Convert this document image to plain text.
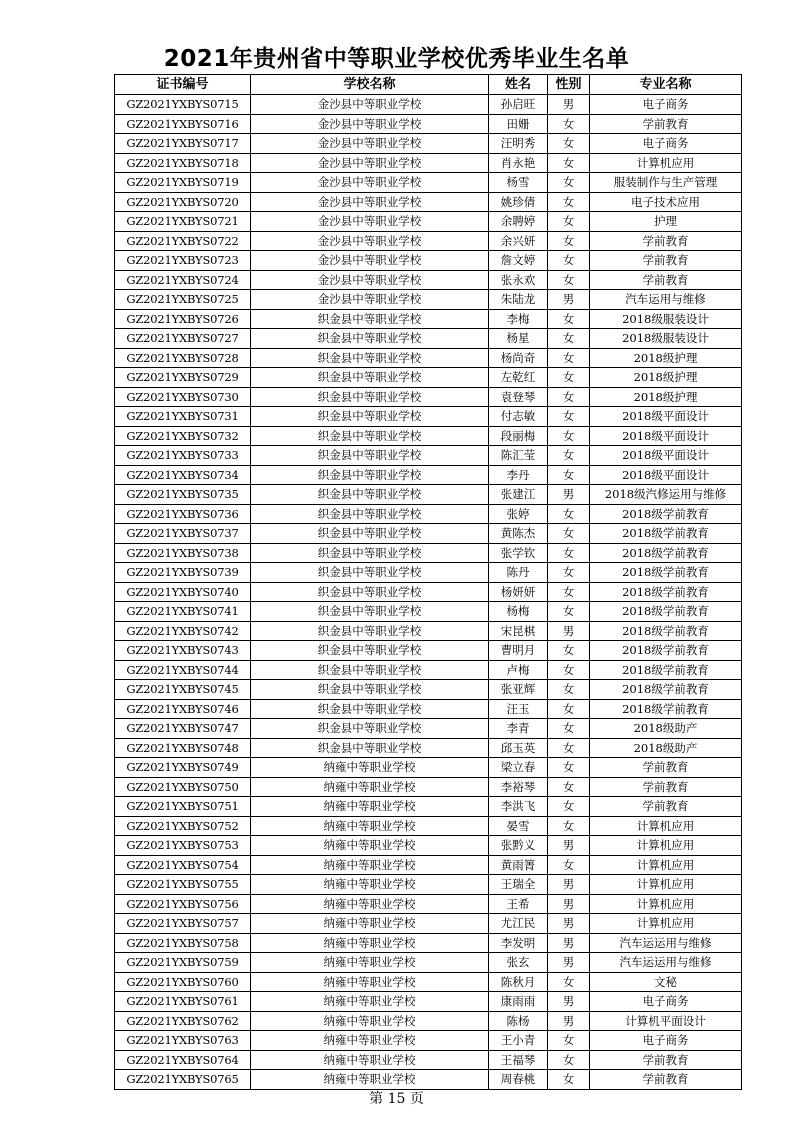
2021年贵州省中等职业学校优秀毕业生名单
证书编号	学校名称	姓名	性别	专业名称
GZ2021YXBYS0715	金沙县中等职业学校	孙启旺	男	电子商务
GZ2021YXBYS0716	金沙县中等职业学校	田姗	女	学前教育
GZ2021YXBYS0717	金沙县中等职业学校	汪明秀	女	电子商务
GZ2021YXBYS0718	金沙县中等职业学校	肖永艳	女	计算机应用
GZ2021YXBYS0719	金沙县中等职业学校	杨雪	女	服装制作与生产管理
GZ2021YXBYS0720	金沙县中等职业学校	姚珍倩	女	电子技术应用
GZ2021YXBYS0721	金沙县中等职业学校	余聘婷	女	护理
GZ2021YXBYS0722	金沙县中等职业学校	余兴妍	女	学前教育
GZ2021YXBYS0723	金沙县中等职业学校	詹文婷	女	学前教育
GZ2021YXBYS0724	金沙县中等职业学校	张永欢	女	学前教育
GZ2021YXBYS0725	金沙县中等职业学校	朱陆龙	男	汽车运用与维修
GZ2021YXBYS0726	织金县中等职业学校	李梅	女	2018级服装设计
GZ2021YXBYS0727	织金县中等职业学校	杨星	女	2018级服装设计
GZ2021YXBYS0728	织金县中等职业学校	杨尚奇	女	2018级护理
GZ2021YXBYS0729	织金县中等职业学校	左乾红	女	2018级护理
GZ2021YXBYS0730	织金县中等职业学校	袁登琴	女	2018级护理
GZ2021YXBYS0731	织金县中等职业学校	付志敏	女	2018级平面设计
GZ2021YXBYS0732	织金县中等职业学校	段丽梅	女	2018级平面设计
GZ2021YXBYS0733	织金县中等职业学校	陈汇莹	女	2018级平面设计
GZ2021YXBYS0734	织金县中等职业学校	李丹	女	2018级平面设计
GZ2021YXBYS0735	织金县中等职业学校	张建江	男	2018级汽修运用与维修
GZ2021YXBYS0736	织金县中等职业学校	张婷	女	2018级学前教育
GZ2021YXBYS0737	织金县中等职业学校	黄陈杰	女	2018级学前教育
GZ2021YXBYS0738	织金县中等职业学校	张学钦	女	2018级学前教育
GZ2021YXBYS0739	织金县中等职业学校	陈丹	女	2018级学前教育
GZ2021YXBYS0740	织金县中等职业学校	杨妍妍	女	2018级学前教育
GZ2021YXBYS0741	织金县中等职业学校	杨梅	女	2018级学前教育
GZ2021YXBYS0742	织金县中等职业学校	宋昆棋	男	2018级学前教育
GZ2021YXBYS0743	织金县中等职业学校	曹明月	女	2018级学前教育
GZ2021YXBYS0744	织金县中等职业学校	卢梅	女	2018级学前教育
GZ2021YXBYS0745	织金县中等职业学校	张亚辉	女	2018级学前教育
GZ2021YXBYS0746	织金县中等职业学校	汪玉	女	2018级学前教育
GZ2021YXBYS0747	织金县中等职业学校	李青	女	2018级助产
GZ2021YXBYS0748	织金县中等职业学校	邱玉英	女	2018级助产
GZ2021YXBYS0749	纳雍中等职业学校	梁立春	女	学前教育
GZ2021YXBYS0750	纳雍中等职业学校	李裕琴	女	学前教育
GZ2021YXBYS0751	纳雍中等职业学校	李洪飞	女	学前教育
GZ2021YXBYS0752	纳雍中等职业学校	晏雪	女	计算机应用
GZ2021YXBYS0753	纳雍中等职业学校	张黔义	男	计算机应用
GZ2021YXBYS0754	纳雍中等职业学校	黄雨箐	女	计算机应用
GZ2021YXBYS0755	纳雍中等职业学校	王瑞全	男	计算机应用
GZ2021YXBYS0756	纳雍中等职业学校	王希	男	计算机应用
GZ2021YXBYS0757	纳雍中等职业学校	尤江民	男	计算机应用
GZ2021YXBYS0758	纳雍中等职业学校	李发明	男	汽车运运用与维修
GZ2021YXBYS0759	纳雍中等职业学校	张玄	男	汽车运运用与维修
GZ2021YXBYS0760	纳雍中等职业学校	陈秋月	女	文秘
GZ2021YXBYS0761	纳雍中等职业学校	康雨雨	男	电子商务
GZ2021YXBYS0762	纳雍中等职业学校	陈杨	男	计算机平面设计
GZ2021YXBYS0763	纳雍中等职业学校	王小青	女	电子商务
GZ2021YXBYS0764	纳雍中等职业学校	王福琴	女	学前教育
GZ2021YXBYS0765	纳雍中等职业学校	周春桃	女	学前教育
第 15 页
